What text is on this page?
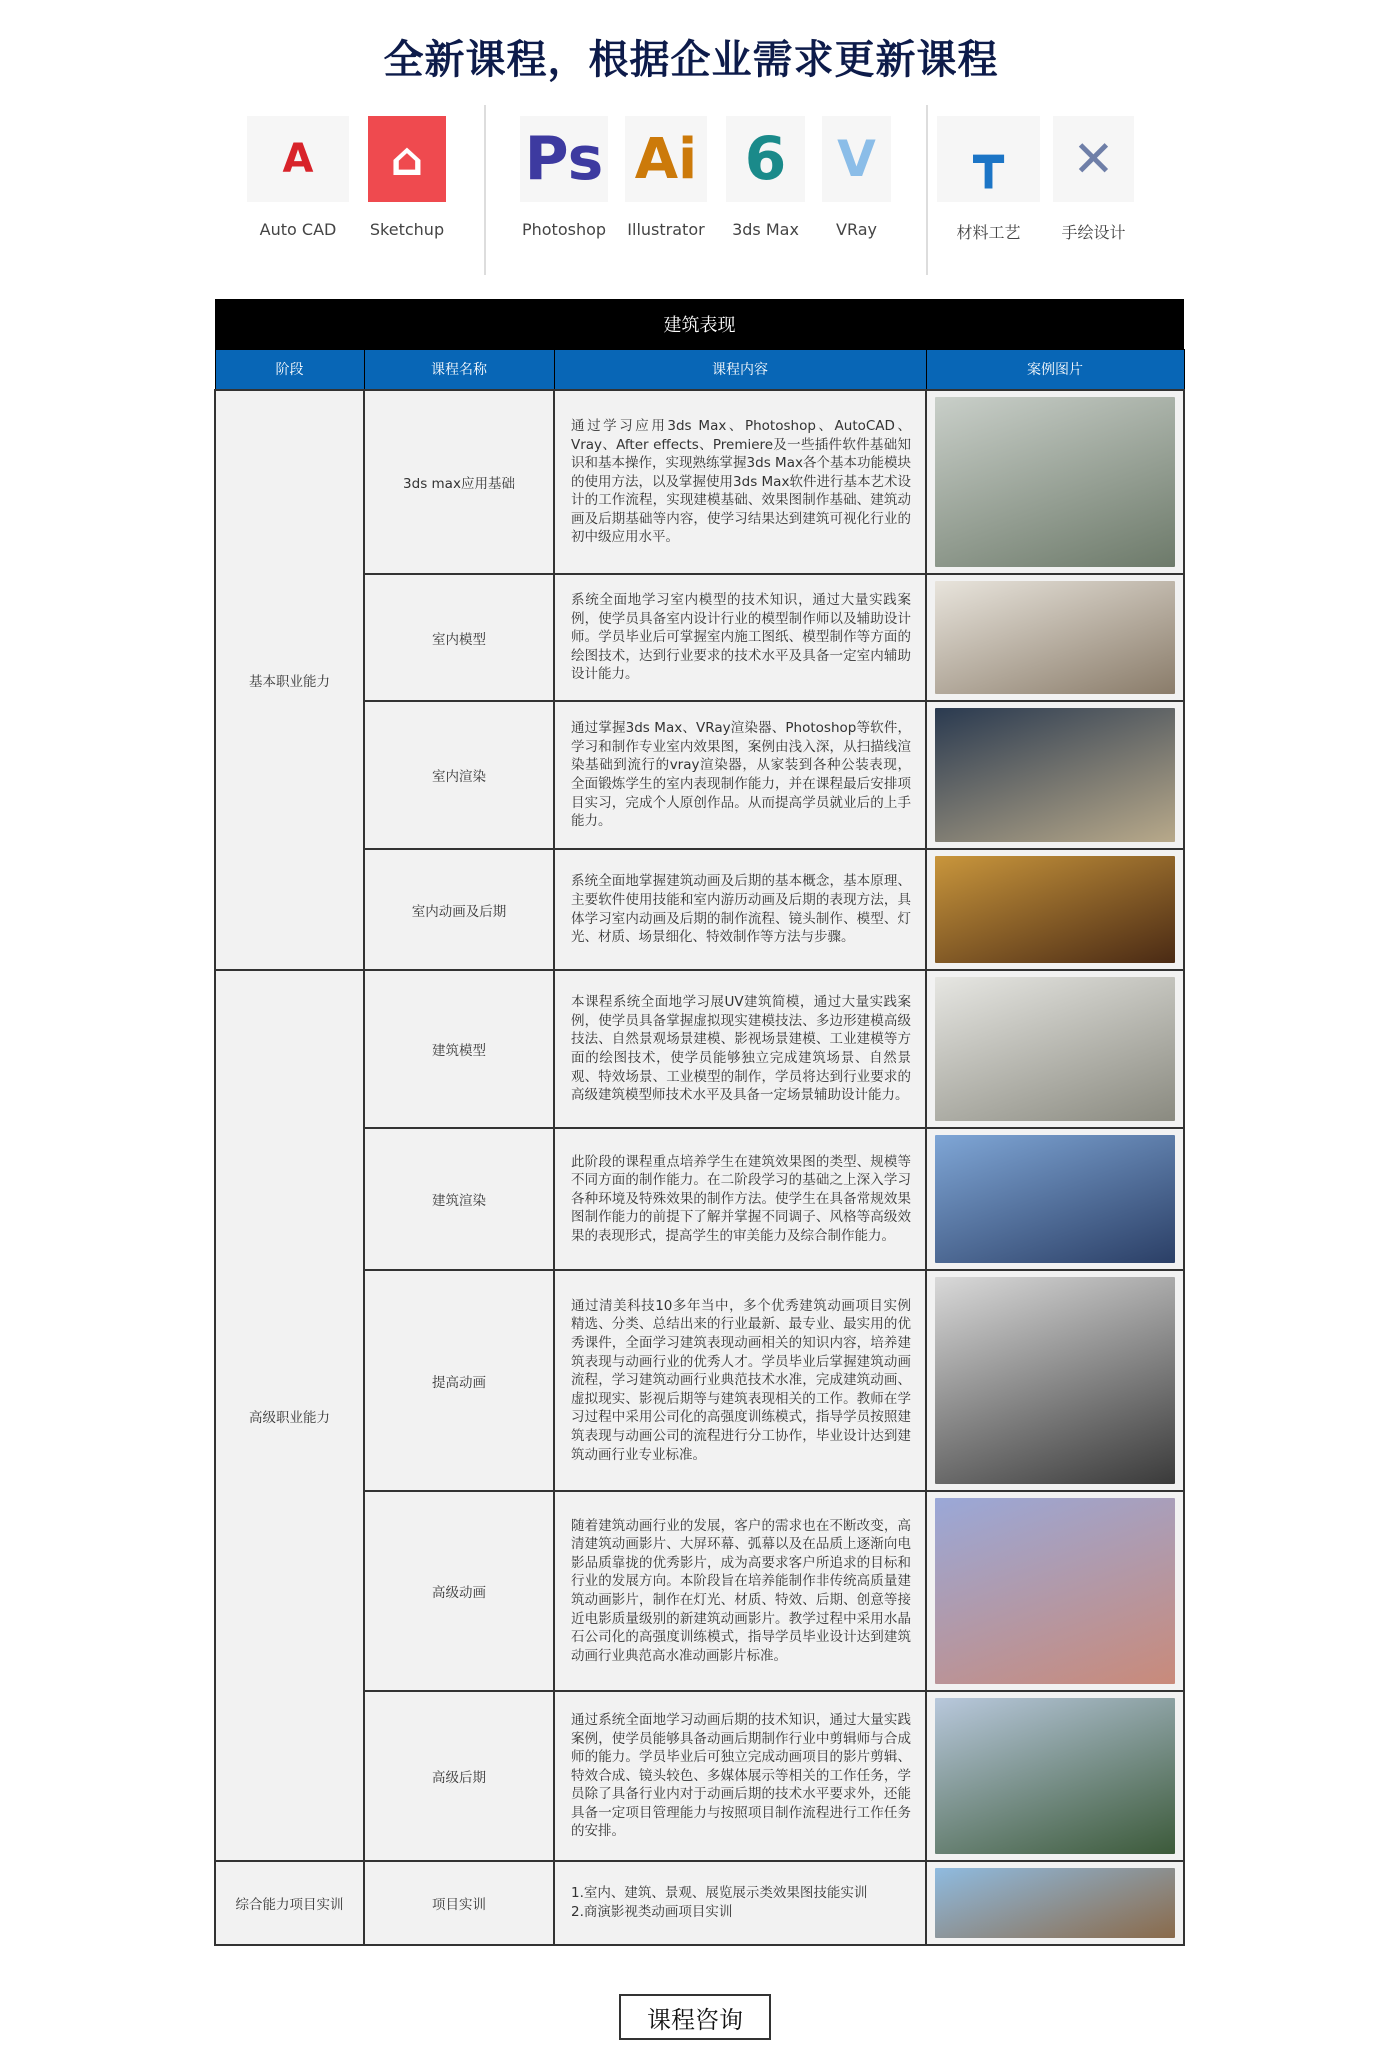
全新课程，根据企业需求更新课程
A
Auto CAD
⌂
Sketchup
Ps
Photoshop
Ai
Illustrator
6
3ds Max
V
VRay
┳
材料工艺
✕
手绘设计
建筑表现			
阶段	课程名称	课程内容	案例图片
基本职业能力	3ds max应用基础	通过学习应用3ds Max、Photoshop、AutoCAD、Vray、After effects、Premiere及一些插件软件基础知识和基本操作，实现熟练掌握3ds Max各个基本功能模块的使用方法，以及掌握使用3ds Max软件进行基本艺术设计的工作流程，实现建模基础、效果图制作基础、建筑动画及后期基础等内容，使学习结果达到建筑可视化行业的初中级应用水平。	

	室内模型	系统全面地学习室内模型的技术知识，通过大量实践案例，使学员具备室内设计行业的模型制作师以及辅助设计师。学员毕业后可掌握室内施工图纸、模型制作等方面的绘图技术，达到行业要求的技术水平及具备一定室内辅助设计能力。	

	室内渲染	通过掌握3ds Max、VRay渲染器、Photoshop等软件，学习和制作专业室内效果图，案例由浅入深，从扫描线渲染基础到流行的vray渲染器，从家装到各种公装表现，全面锻炼学生的室内表现制作能力，并在课程最后安排项目实习，完成个人原创作品。从而提高学员就业后的上手能力。	

	室内动画及后期	系统全面地掌握建筑动画及后期的基本概念，基本原理、主要软件使用技能和室内游历动画及后期的表现方法，具体学习室内动画及后期的制作流程、镜头制作、模型、灯光、材质、场景细化、特效制作等方法与步骤。	

高级职业能力	建筑模型	本课程系统全面地学习展UV建筑简模，通过大量实践案例，使学员具备掌握虚拟现实建模技法、多边形建模高级技法、自然景观场景建模、影视场景建模、工业建模等方面的绘图技术，使学员能够独立完成建筑场景、自然景观、特效场景、工业模型的制作，学员将达到行业要求的高级建筑模型师技术水平及具备一定场景辅助设计能力。	

	建筑渲染	此阶段的课程重点培养学生在建筑效果图的类型、规模等不同方面的制作能力。在二阶段学习的基础之上深入学习各种环境及特殊效果的制作方法。使学生在具备常规效果图制作能力的前提下了解并掌握不同调子、风格等高级效果的表现形式，提高学生的审美能力及综合制作能力。	

	提高动画	通过清美科技10多年当中，多个优秀建筑动画项目实例精选、分类、总结出来的行业最新、最专业、最实用的优秀课件，全面学习建筑表现动画相关的知识内容，培养建筑表现与动画行业的优秀人才。学员毕业后掌握建筑动画流程，学习建筑动画行业典范技术水准，完成建筑动画、虚拟现实、影视后期等与建筑表现相关的工作。教师在学习过程中采用公司化的高强度训练模式，指导学员按照建筑表现与动画公司的流程进行分工协作，毕业设计达到建筑动画行业专业标准。	

	高级动画	随着建筑动画行业的发展，客户的需求也在不断改变，高清建筑动画影片、大屏环幕、弧幕以及在品质上逐渐向电影品质靠拢的优秀影片，成为高要求客户所追求的目标和行业的发展方向。本阶段旨在培养能制作非传统高质量建筑动画影片，制作在灯光、材质、特效、后期、创意等接近电影质量级别的新建筑动画影片。教学过程中采用水晶石公司化的高强度训练模式，指导学员毕业设计达到建筑动画行业典范高水准动画影片标准。	

	高级后期	通过系统全面地学习动画后期的技术知识，通过大量实践案例，使学员能够具备动画后期制作行业中剪辑师与合成师的能力。学员毕业后可独立完成动画项目的影片剪辑、特效合成、镜头较色、多媒体展示等相关的工作任务，学员除了具备行业内对于动画后期的技术水平要求外，还能具备一定项目管理能力与按照项目制作流程进行工作任务的安排。	

综合能力项目实训	项目实训	1.室内、建筑、景观、展览展示类效果图技能实训
2.商演影视类动画项目实训	
课程咨询
